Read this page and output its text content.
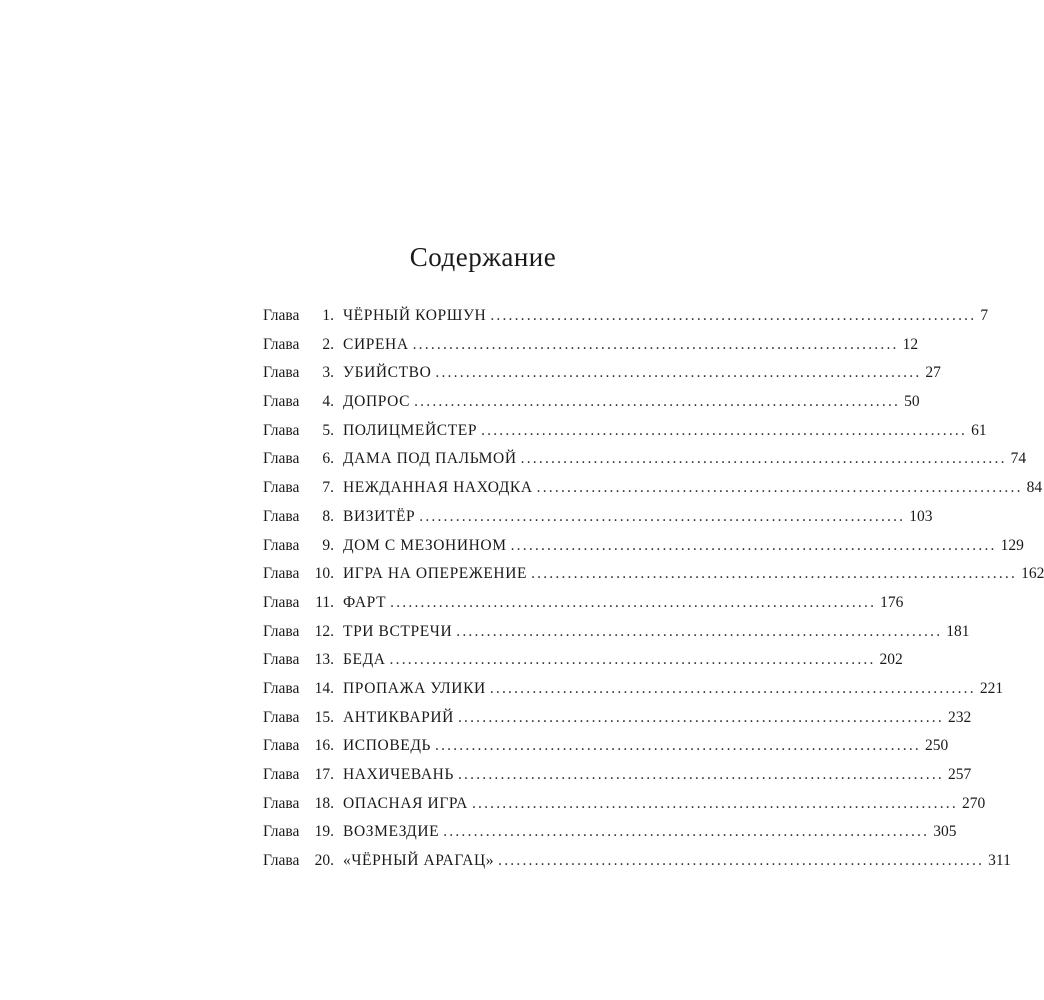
Содержание
Глава	1. ЧЁРНЫЙ КОРШУН ................................................................................ 7
Глава	2. СИРЕНА ................................................................................ 12
Глава	3. УБИЙСТВО ................................................................................ 27
Глава	4. ДОПРОС ................................................................................ 50
Глава	5. ПОЛИЦМЕЙСТЕР ................................................................................ 61
Глава	6. ДАМА ПОД ПАЛЬМОЙ ................................................................................ 74
Глава	7. НЕЖДАННАЯ НАХОДКА ................................................................................ 84
Глава	8. ВИЗИТЁР ................................................................................ 103
Глава	9. ДОМ С МЕЗОНИНОМ ................................................................................ 129
Глава 10. ИГРА НА ОПЕРЕЖЕНИЕ ................................................................................ 162
Глава	11. ФАРТ ................................................................................ 176
Глава 12. ТРИ ВСТРЕЧИ ................................................................................ 181
Глава 13. БЕДА ................................................................................ 202
Глава 14. ПРОПАЖА УЛИКИ ................................................................................ 221
Глава 15. АНТИКВАРИЙ ................................................................................ 232
Глава 16. ИСПОВЕДЬ ................................................................................ 250
Глава 17. НАХИЧЕВАНЬ ................................................................................ 257
Глава 18. ОПАСНАЯ ИГРА ................................................................................ 270
Глава 19. ВОЗМЕЗДИЕ ................................................................................ 305
Глава 20. «ЧЁРНЫЙ АРАГАЦ» ................................................................................ 311
